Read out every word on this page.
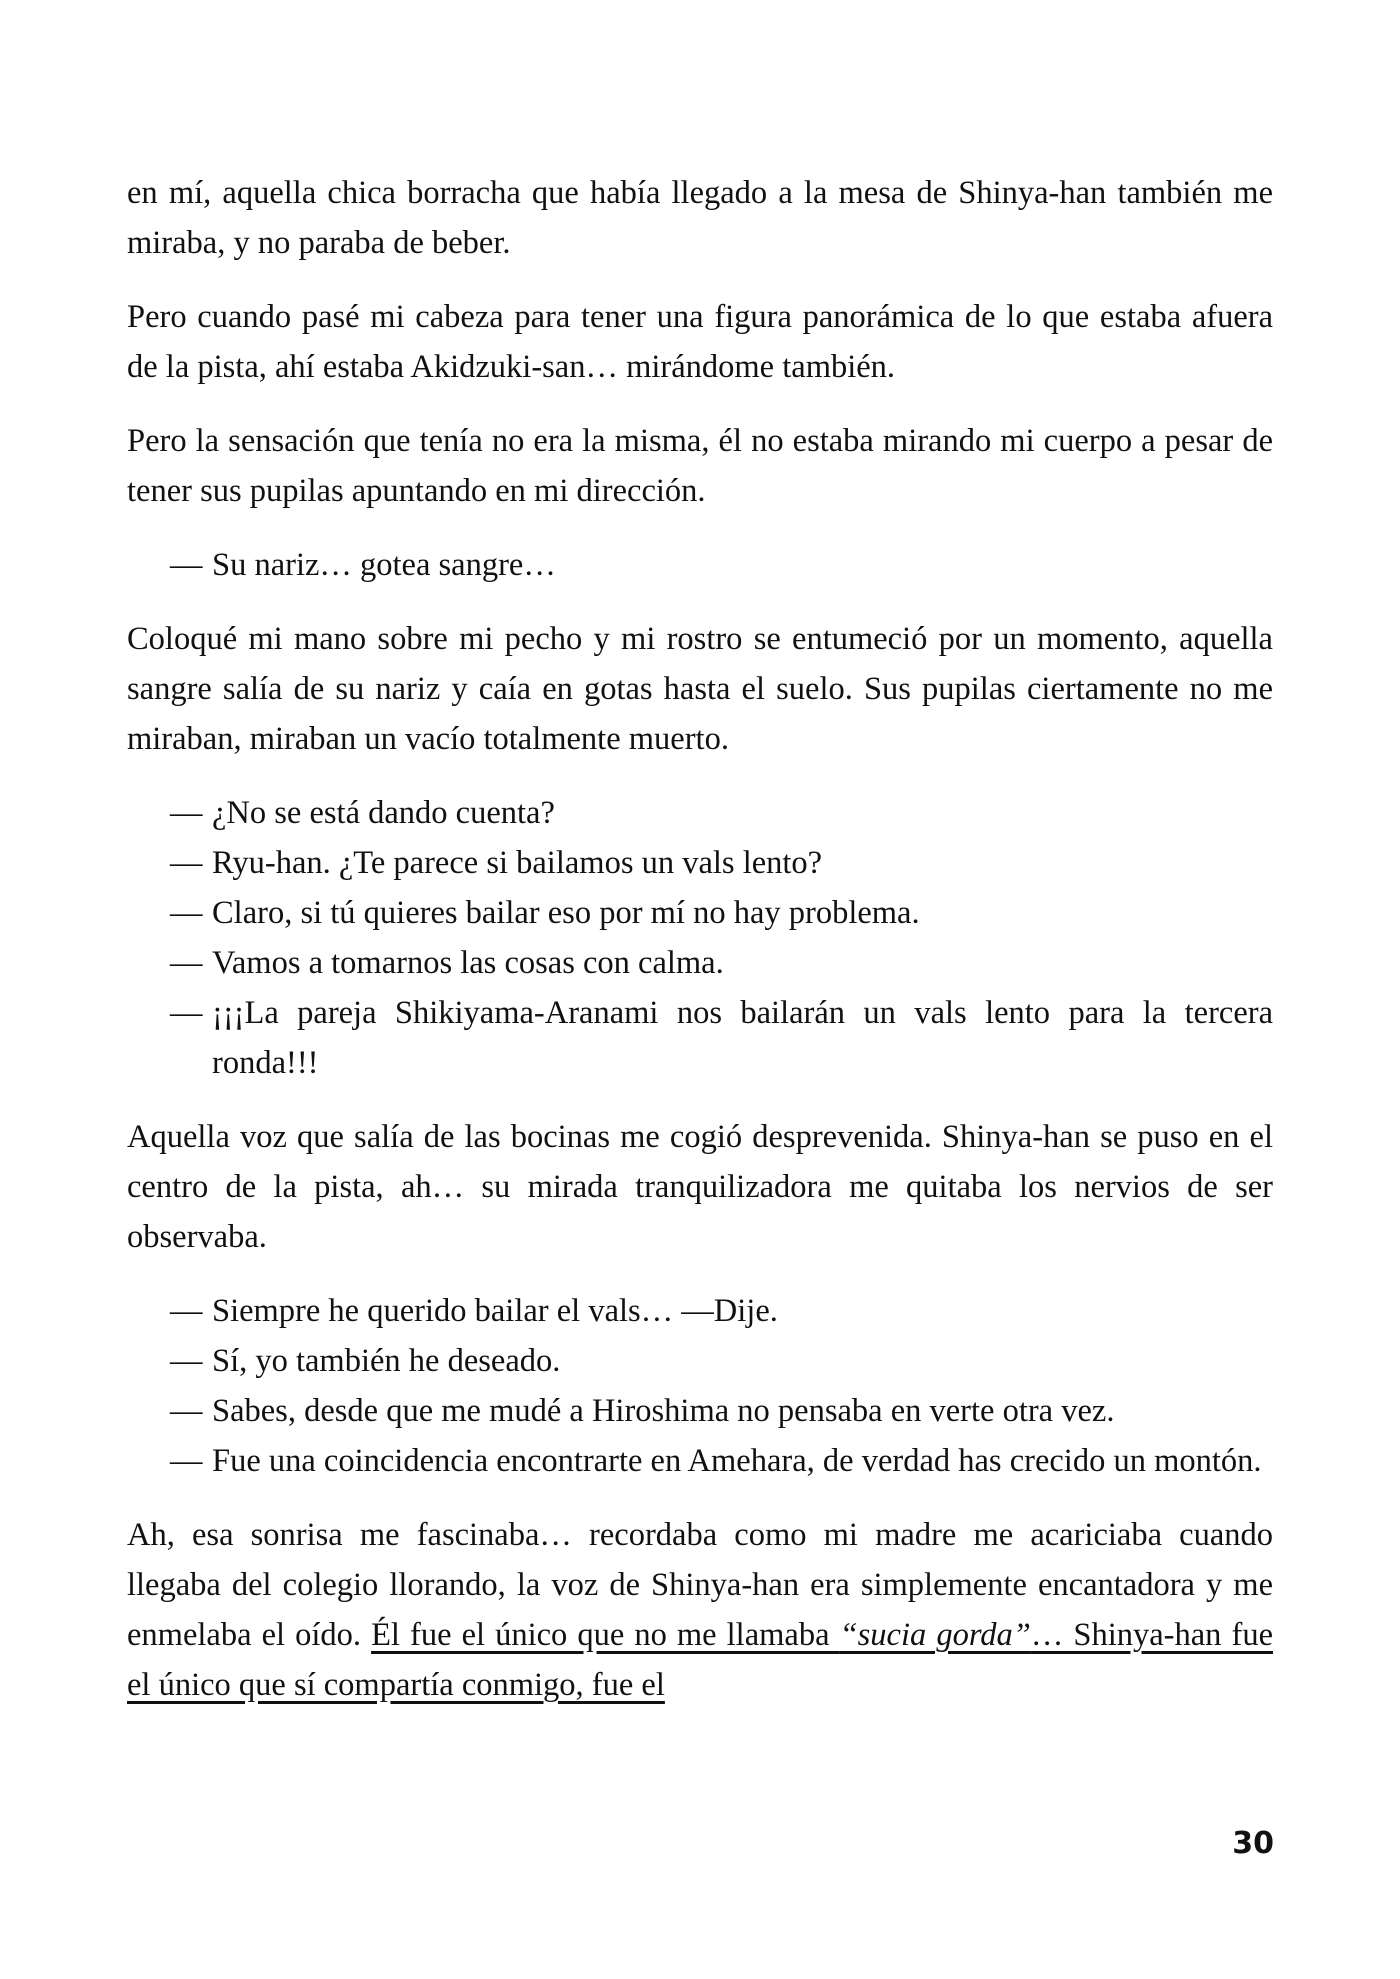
en mí, aquella chica borracha que había llegado a la mesa de Shinya-han también me miraba, y no paraba de beber.

Pero cuando pasé mi cabeza para tener una figura panorámica de lo que estaba afuera de la pista, ahí estaba Akidzuki-san… mirándome también.

Pero la sensación que tenía no era la misma, él no estaba mirando mi cuerpo a pesar de tener sus pupilas apuntando en mi dirección.

— Su nariz… gotea sangre…

Coloqué mi mano sobre mi pecho y mi rostro se entumeció por un momento, aquella sangre salía de su nariz y caía en gotas hasta el suelo. Sus pupilas ciertamente no me miraban, miraban un vacío totalmente muerto.

— ¿No se está dando cuenta?

— Ryu-han. ¿Te parece si bailamos un vals lento?

— Claro, si tú quieres bailar eso por mí no hay problema.

— Vamos a tomarnos las cosas con calma.

— ¡¡¡La pareja Shikiyama-Aranami nos bailarán un vals lento para la tercera ronda!!!

Aquella voz que salía de las bocinas me cogió desprevenida. Shinya-han se puso en el centro de la pista, ah… su mirada tranquilizadora me quitaba los nervios de ser observaba.

— Siempre he querido bailar el vals… —Dije.

— Sí, yo también he deseado.

— Sabes, desde que me mudé a Hiroshima no pensaba en verte otra vez.

— Fue una coincidencia encontrarte en Amehara, de verdad has crecido un montón.

Ah, esa sonrisa me fascinaba… recordaba como mi madre me acariciaba cuando llegaba del colegio llorando, la voz de Shinya-han era simplemente encantadora y me enmelaba el oído. Él fue el único que no me llamaba “sucia gorda”… Shinya-han fue el único que sí compartía conmigo, fue el

30
